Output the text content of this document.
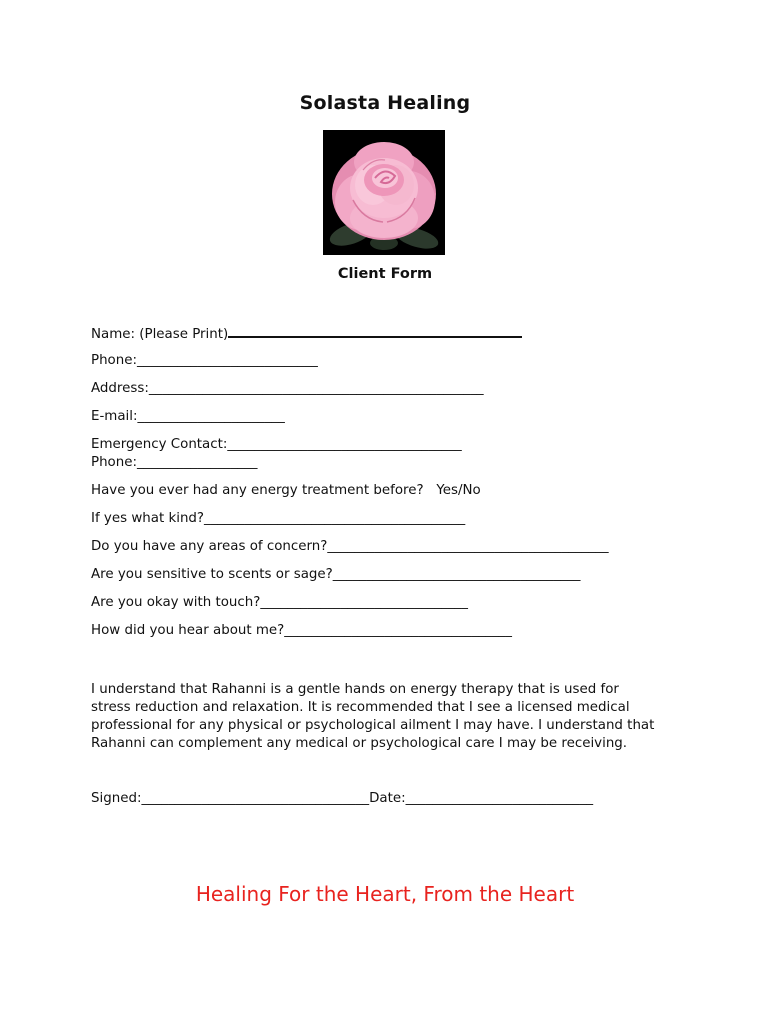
Solasta Healing
Client Form
Name: (Please Print)
Phone:___________________________
Address:__________________________________________________
E-mail:______________________
Emergency Contact:___________________________________
Phone:__________________
Have you ever had any energy treatment before?   Yes/No
If yes what kind?_______________________________________
Do you have any areas of concern?__________________________________________
Are you sensitive to scents or sage?_____________________________________
Are you okay with touch?_______________________________
How did you hear about me?__________________________________
I understand that Rahanni is a gentle hands on energy therapy that is used for
stress reduction and relaxation. It is recommended that I see a licensed medical
professional for any physical or psychological ailment I may have. I understand that
Rahanni can complement any medical or psychological care I may be receiving.
Signed:__________________________________Date:____________________________
Healing For the Heart, From the Heart
